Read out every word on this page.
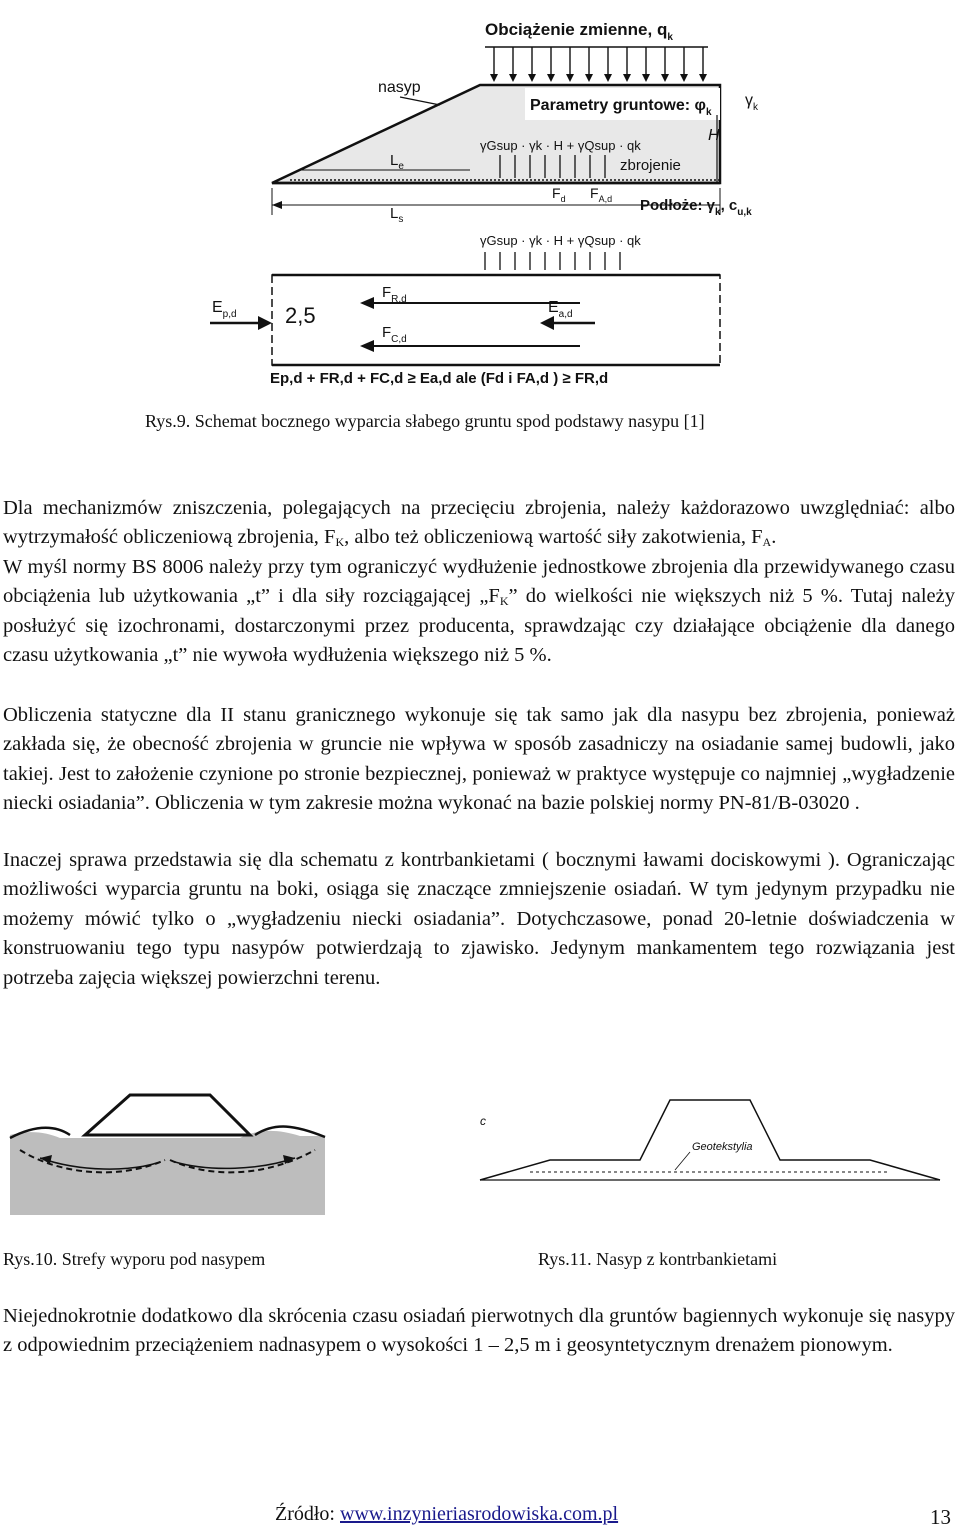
Obciążenie zmienne, $q_k$
nasyp
Parametry gruntowe: $\varphi_k$
$\gamma_k$
H
γGsup · γk · H + γQsup · qk
zbrojenie
$L_e$
$L_s$
$F_d$ $F_{A,d}$ Podłoże: $\gamma_k$, $c_{u,k}$
γGsup · γk · H + γQsup · qk
2,5
$E_{p,d}$
$F_{R,d}$
$F_{C,d}$
$E_{a,d}$
Ep,d + FR,d + FC,d ≥ Ea,d ale (Fd i FA,d ) ≥ FR,d
Rys.9. Schemat bocznego wyparcia słabego gruntu spod podstawy nasypu [1]

Dla mechanizmów zniszczenia, polegających na przecięciu zbrojenia, należy każdorazowo uwzględniać: albo wytrzymałość obliczeniową zbrojenia, $F_K$, albo też obliczeniową wartość siły zakotwienia, $F_A$.

W myśl normy BS 8006 należy przy tym ograniczyć wydłużenie jednostkowe zbrojenia dla przewidywanego czasu obciążenia lub użytkowania „t” i dla siły rozciągającej $„F_K$” do wielkości nie większych niż 5 %. Tutaj należy posłużyć się izochronami, dostarczonymi przez producenta, sprawdzając czy działające obciążenie dla danego czasu użytkowania „t” nie wywoła wydłużenia większego niż 5 %.

Obliczenia statyczne dla II stanu granicznego wykonuje się tak samo jak dla nasypu bez zbrojenia, ponieważ zakłada się, że obecność zbrojenia w gruncie nie wpływa w sposób zasadniczy na osiadanie samej budowli, jako takiej. Jest to założenie czynione po stronie bezpiecznej, ponieważ w praktyce występuje co najmniej „wygładzenie niecki osiadania”. Obliczenia w tym zakresie można wykonać na bazie polskiej normy PN-81/B-03020 .

Inaczej sprawa przedstawia się dla schematu z kontrbankietami ( bocznymi ławami dociskowymi ). Ograniczając możliwości wyparcia gruntu na boki, osiąga się znaczące zmniejszenie osiadań. W tym jedynym przypadku nie możemy mówić tylko o „wygładzeniu niecki osiadania”. Dotychczasowe, ponad 20-letnie doświadczenia w konstruowaniu tego typu nasypów potwierdzają to zjawisko. Jedynym mankamentem tego rozwiązania jest potrzeba zajęcia większej powierzchni terenu.

c
Geotekstylia
Rys.10. Strefy wyporu pod nasypem	Rys.11. Nasyp z kontrbankietami

Niejednokrotnie dodatkowo dla skrócenia czasu osiadań pierwotnych dla gruntów bagiennych wykonuje się nasypy z odpowiednim przeciążeniem nadnasypem o wysokości 1 – 2,5 m i geosyntetycznym drenażem pionowym.

Źródło: www.inzynieriasrodowiska.com.pl	13
